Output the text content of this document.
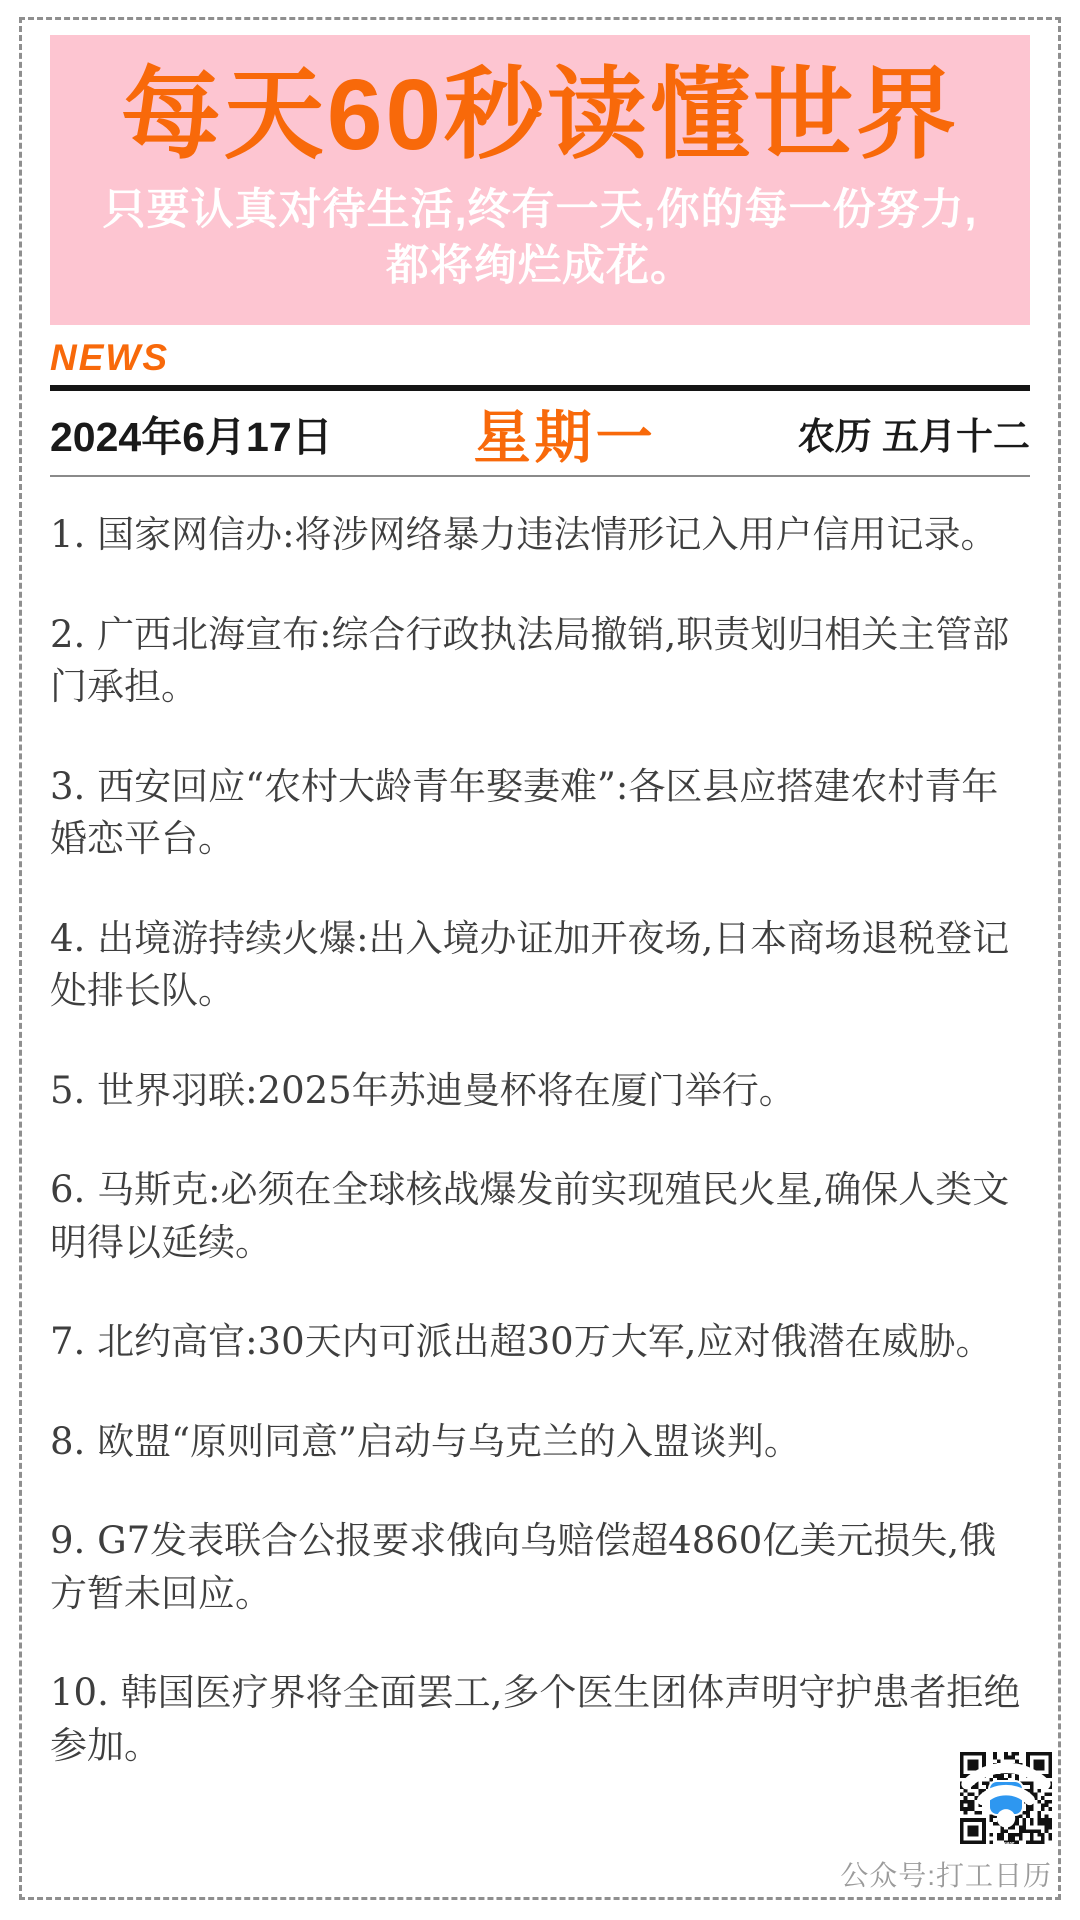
每天60秒读懂世界
只要认真对待生活,终有一天,你的每一份努力,
都将绚烂成花。
NEWS
2024年6月17日 星期一	农历 五月十二

1. 国家网信办:将涉网络暴力违法情形记入用户信用记录。

2. 广西北海宣布:综合行政执法局撤销,职责划归相关主管部门承担。

3. 西安回应“农村大龄青年娶妻难”:各区县应搭建农村青年婚恋平台。

4. 出境游持续火爆:出入境办证加开夜场,日本商场退税登记处排长队。

5. 世界羽联:2025年苏迪曼杯将在厦门举行。

6. 马斯克:必须在全球核战爆发前实现殖民火星,确保人类文明得以延续。

7. 北约高官:30天内可派出超30万大军,应对俄潜在威胁。

8. 欧盟“原则同意”启动与乌克兰的入盟谈判。

9. G7发表联合公报要求俄向乌赔偿超4860亿美元损失,俄方暂未回应。

10. 韩国医疗界将全面罢工,多个医生团体声明守护患者拒绝参加。

news
公众号:打工日历
